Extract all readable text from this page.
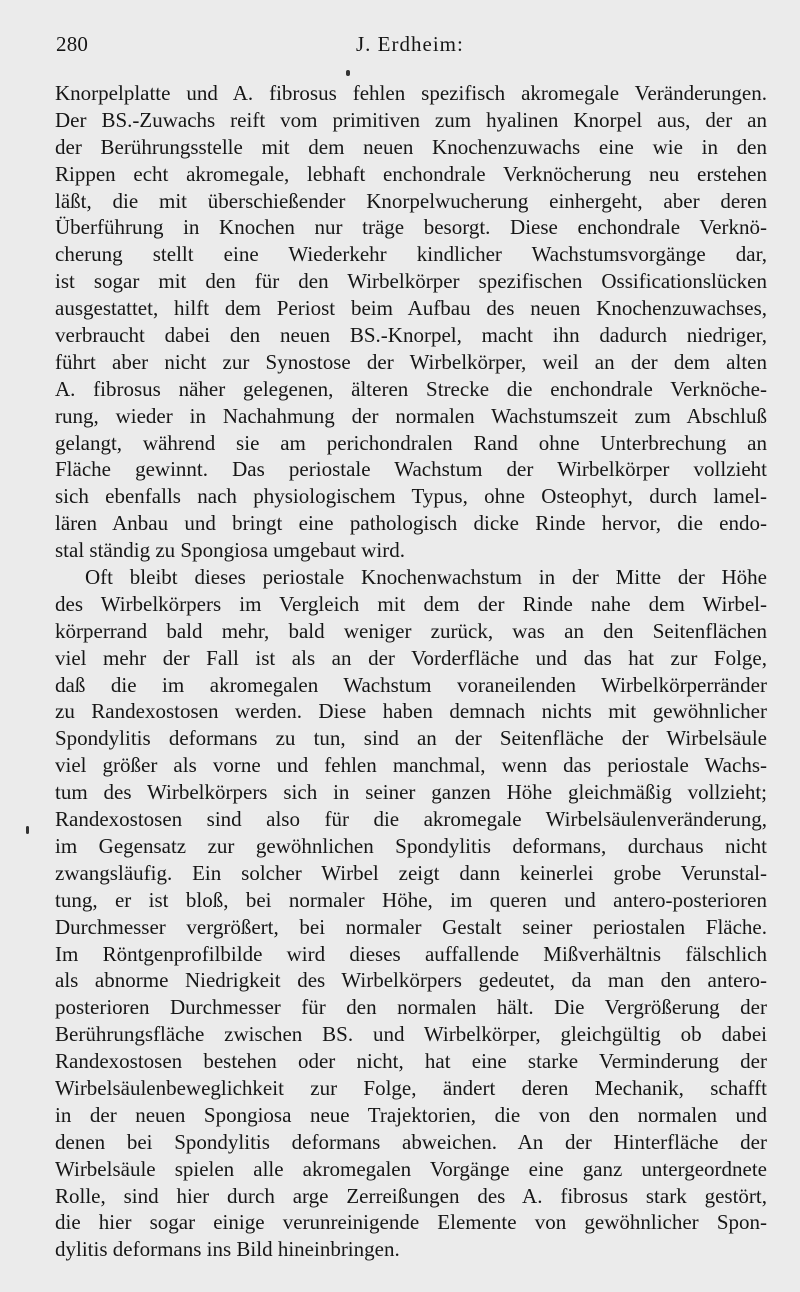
280	J. Erdheim:
Knorpelplatte und A. fibrosus fehlen spezifisch akromegale Veränderungen.
Der BS.-Zuwachs reift vom primitiven zum hyalinen Knorpel aus, der an
der Berührungsstelle mit dem neuen Knochenzuwachs eine wie in den
Rippen echt akromegale, lebhaft enchondrale Verknöcherung neu erstehen
läßt, die mit überschießender Knorpelwucherung einhergeht, aber deren
Überführung in Knochen nur träge besorgt. Diese enchondrale Verknö-
cherung stellt eine Wiederkehr kindlicher Wachstumsvorgänge dar,
ist sogar mit den für den Wirbelkörper spezifischen Ossificationslücken
ausgestattet, hilft dem Periost beim Aufbau des neuen Knochenzuwachses,
verbraucht dabei den neuen BS.-Knorpel, macht ihn dadurch niedriger,
führt aber nicht zur Synostose der Wirbelkörper, weil an der dem alten
A. fibrosus näher gelegenen, älteren Strecke die enchondrale Verknöche-
rung, wieder in Nachahmung der normalen Wachstumszeit zum Abschluß
gelangt, während sie am perichondralen Rand ohne Unterbrechung an
Fläche gewinnt. Das periostale Wachstum der Wirbelkörper vollzieht
sich ebenfalls nach physiologischem Typus, ohne Osteophyt, durch lamel-
lären Anbau und bringt eine pathologisch dicke Rinde hervor, die endo-
stal ständig zu Spongiosa umgebaut wird.
Oft bleibt dieses periostale Knochenwachstum in der Mitte der Höhe
des Wirbelkörpers im Vergleich mit dem der Rinde nahe dem Wirbel-
körperrand bald mehr, bald weniger zurück, was an den Seitenflächen
viel mehr der Fall ist als an der Vorderfläche und das hat zur Folge,
daß die im akromegalen Wachstum voraneilenden Wirbelkörperränder
zu Randexostosen werden. Diese haben demnach nichts mit gewöhnlicher
Spondylitis deformans zu tun, sind an der Seitenfläche der Wirbelsäule
viel größer als vorne und fehlen manchmal, wenn das periostale Wachs-
tum des Wirbelkörpers sich in seiner ganzen Höhe gleichmäßig vollzieht;
Randexostosen sind also für die akromegale Wirbelsäulenveränderung,
im Gegensatz zur gewöhnlichen Spondylitis deformans, durchaus nicht
zwangsläufig. Ein solcher Wirbel zeigt dann keinerlei grobe Verunstal-
tung, er ist bloß, bei normaler Höhe, im queren und antero-posterioren
Durchmesser vergrößert, bei normaler Gestalt seiner periostalen Fläche.
Im Röntgenprofilbilde wird dieses auffallende Mißverhältnis fälschlich
als abnorme Niedrigkeit des Wirbelkörpers gedeutet, da man den antero-
posterioren Durchmesser für den normalen hält. Die Vergrößerung der
Berührungsfläche zwischen BS. und Wirbelkörper, gleichgültig ob dabei
Randexostosen bestehen oder nicht, hat eine starke Verminderung der
Wirbelsäulenbeweglichkeit zur Folge, ändert deren Mechanik, schafft
in der neuen Spongiosa neue Trajektorien, die von den normalen und
denen bei Spondylitis deformans abweichen. An der Hinterfläche der
Wirbelsäule spielen alle akromegalen Vorgänge eine ganz untergeordnete
Rolle, sind hier durch arge Zerreißungen des A. fibrosus stark gestört,
die hier sogar einige verunreinigende Elemente von gewöhnlicher Spon-
dylitis deformans ins Bild hineinbringen.
